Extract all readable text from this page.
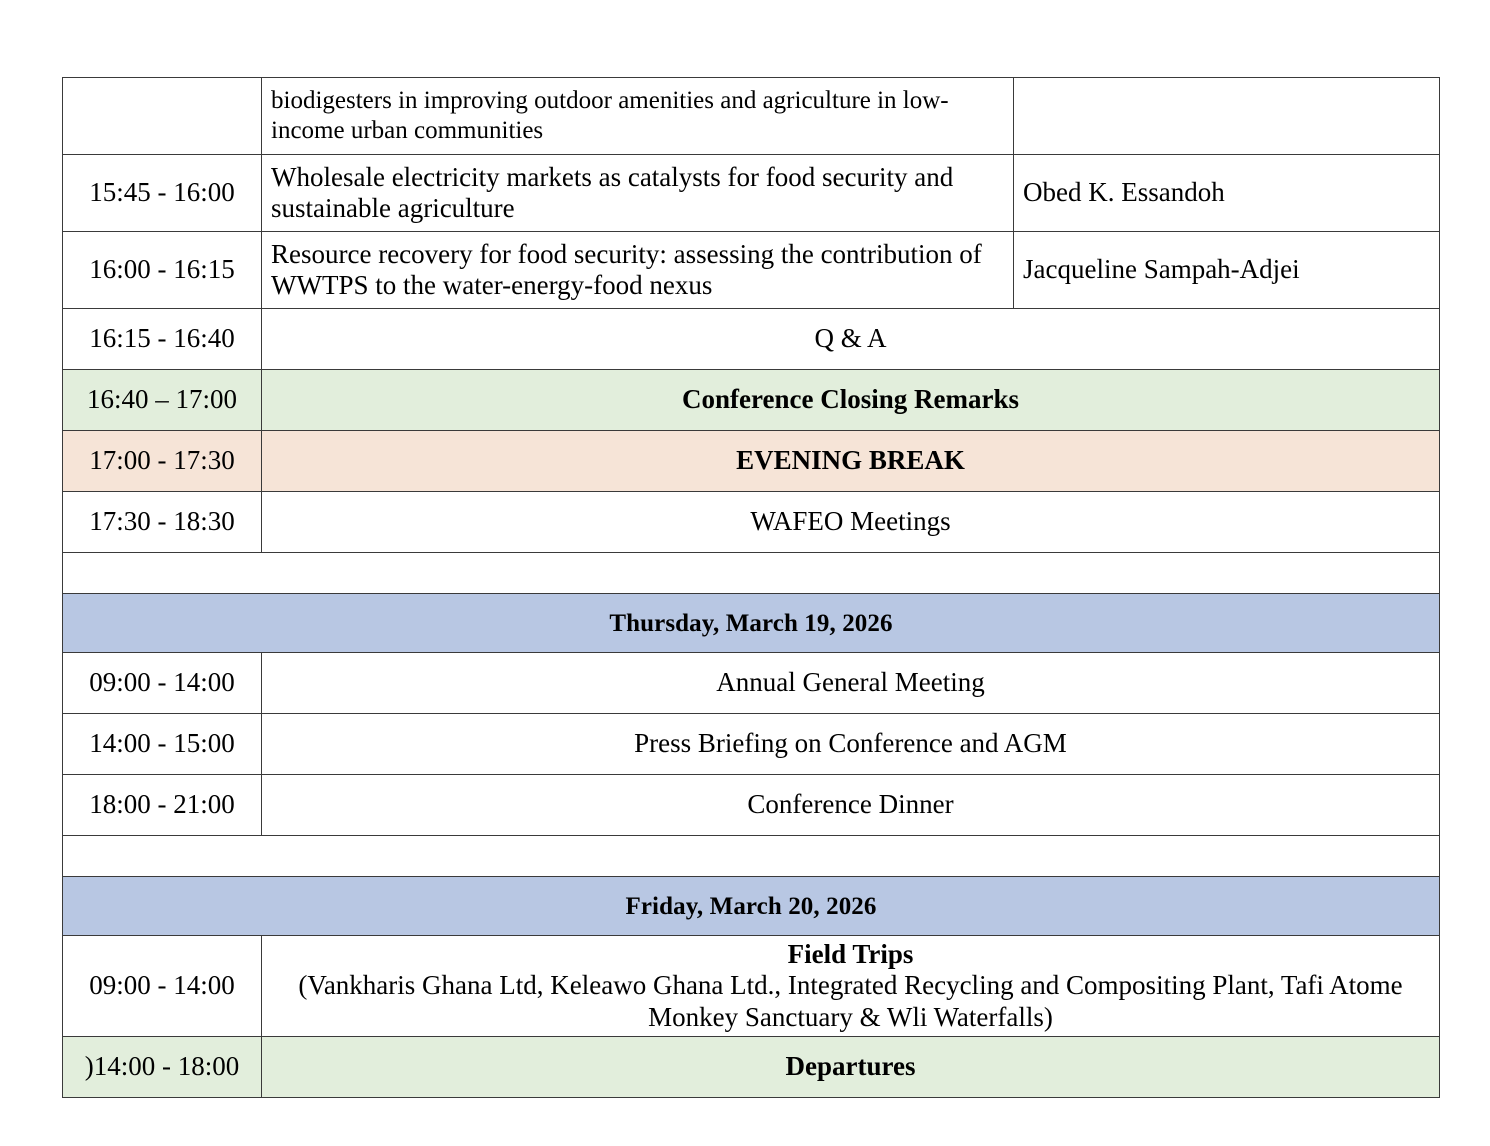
	biodigesters in improving outdoor amenities and agriculture in low-income urban communities	
15:45 - 16:00	Wholesale electricity markets as catalysts for food security and sustainable agriculture	Obed K. Essandoh
16:00 - 16:15	Resource recovery for food security: assessing the contribution of WWTPS to the water-energy-food nexus	Jacqueline Sampah-Adjei
16:15 - 16:40	Q & A	
16:40 – 17:00	Conference Closing Remarks	
17:00 - 17:30	EVENING BREAK	
17:30 - 18:30	WAFEO Meetings	

Thursday, March 19, 2026		
09:00 - 14:00	Annual General Meeting	
14:00 - 15:00	Press Briefing on Conference and AGM	
18:00 - 21:00	Conference Dinner	

Friday, March 20, 2026		
09:00 - 14:00	Field Trips
(Vankharis Ghana Ltd, Keleawo Ghana Ltd., Integrated Recycling and Compositing Plant, Tafi Atome Monkey Sanctuary & Wli Waterfalls)	

)14:00 - 18:00	Departures	
